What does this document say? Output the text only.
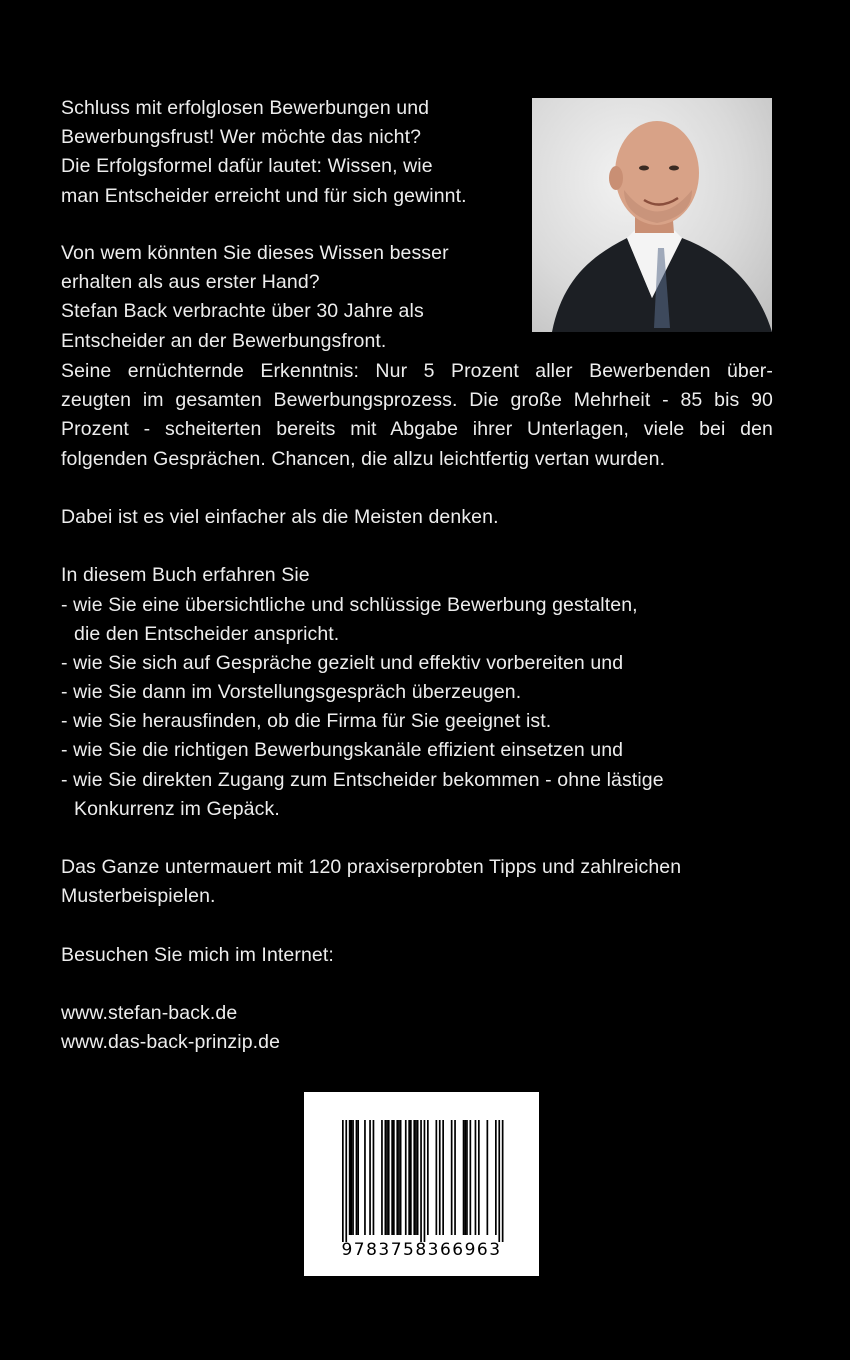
Schluss mit erfolglosen Bewerbungen und
Bewerbungsfrust! Wer möchte das nicht?
Die Erfolgsformel dafür lautet: Wissen, wie
man Entscheider erreicht und für sich gewinnt.
Von wem könnten Sie dieses Wissen besser
erhalten als aus erster Hand?
Stefan Back verbrachte über 30 Jahre als
Entscheider an der Bewerbungsfront.
Seine ernüchternde Erkenntnis: Nur 5 Prozent aller Bewerbenden über-
zeugten im gesamten Bewerbungsprozess. Die große Mehrheit - 85 bis 90
Prozent - scheiterten bereits mit Abgabe ihrer Unterlagen, viele bei den
folgenden Gesprächen. Chancen, die allzu leichtfertig vertan wurden.
Dabei ist es viel einfacher als die Meisten denken.
In diesem Buch erfahren Sie
- wie Sie eine übersichtliche und schlüssige Bewerbung gestalten,
die den Entscheider anspricht.
- wie Sie sich auf Gespräche gezielt und effektiv vorbereiten und
- wie Sie dann im Vorstellungsgespräch überzeugen.
- wie Sie herausfinden, ob die Firma für Sie geeignet ist.
- wie Sie die richtigen Bewerbungskanäle effizient einsetzen und
- wie Sie direkten Zugang zum Entscheider bekommen - ohne lästige
Konkurrenz im Gepäck.
Das Ganze untermauert mit 120 praxiserprobten Tipps und zahlreichen
Musterbeispielen.
Besuchen Sie mich im Internet:
www.stefan-back.de
www.das-back-prinzip.de
9783758366963
